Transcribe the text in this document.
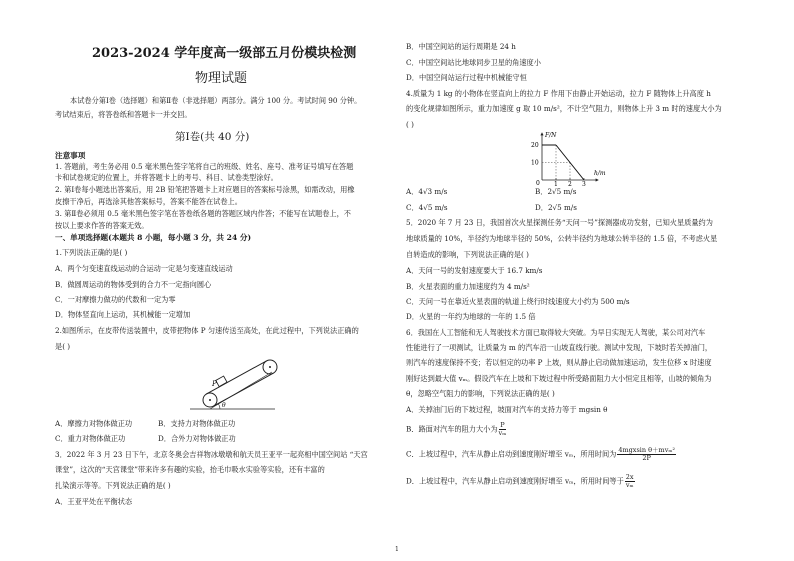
2023-2024 学年度高一级部五月份模块检测
物理试题
本试卷分第Ⅰ卷（选择题）和第Ⅱ卷（非选择题）两部分。满分 100 分。考试时间 90 分钟。
考试结束后，将答卷纸和答题卡一并交回。
第Ⅰ卷(共 40 分)
注意事项
1. 答题前，考生务必用 0.5 毫米黑色签字笔将自己的班级、姓名、座号、准考证号填写在答题
卡和试卷规定的位置上，并将答题卡上的考号、科目、试卷类型涂好。
2. 第Ⅰ卷每小题选出答案后，用 2B 铅笔把答题卡上对应题目的答案标号涂黑，如需改动，用橡
皮擦干净后，再选涂其他答案标号，答案不能答在试卷上。
3. 第Ⅱ卷必须用 0.5 毫米黑色签字笔在答卷纸各题的答题区域内作答；不能写在试题卷上，不
按以上要求作答的答案无效。
一、单项选择题(本题共 8 小题，每小题 3 分，共 24 分)
1.下列说法正确的是( )
A．两个匀变速直线运动的合运动一定是匀变速直线运动
B．做圆周运动的物体受到的合力不一定指向圆心
C．一对摩擦力做功的代数和一定为零
D．物体竖直向上运动，其机械能一定增加
2.如图所示，在皮带传送装置中，皮带把物体 P 匀速传送至高处，在此过程中，下列说法正确的
是( )
P
θ
A．摩擦力对物体做正功	B．支持力对物体做正功
C．重力对物体做正功	D．合外力对物体做正功
3．2022 年 3 月 23 日下午，北京冬奥会吉祥物冰墩墩和航天员王亚平一起亮相中国空间站 “天宫
课堂”，这次的“天宫课堂”带来许多有趣的实验，抬毛巾吸水实验等实验，还有丰富的
扎染演示等等。下列说法正确的是( )
A．王亚平处在平衡状态
B．中国空间站的运行周期是 24 h
C．中国空间站比地球同步卫星的角速度小
D．中国空间站运行过程中机械能守恒
4.质量为 1 kg 的小物体在竖直向上的拉力 F 作用下由静止开始运动，拉力 F 随物体上升高度 h
的变化规律如图所示，重力加速度 g 取 10 m/s²，不计空气阻力，则物体上升 3 m 时的速度大小为
( )
F/N
h/m
0
20
10
1 2 3
A．4√3 m/s	B．2√5 m/s
C．4√5 m/s	D．2√5 m/s
5．2020 年 7 月 23 日，我国首次火星探测任务“天问一号”探测器成功发射，已知火星质量约为
地球质量的 10%，半径约为地球半径的 50%，公转半径约为地球公转半径的 1.5 倍，不考虑火星
自转造成的影响，下列说法正确的是( )
A．天问一号的发射速度要大于 16.7 km/s
B．火星表面的重力加速度约为 4 m/s²
C．天问一号在靠近火星表面的轨道上绕行时线速度大小约为 500 m/s
D．火星的一年约为地球的一年的 1.5 倍
6．我国在人工智能和无人驾驶技术方面已取得较大突破。为早日实现无人驾驶，某公司对汽车
性能进行了一项测试，让质量为 m 的汽车沿一山坡直线行驶。测试中发现，下坡时若关掉油门，
则汽车的速度保持不变；若以恒定的功率 P 上坡，则从静止启动做加速运动，发生位移 x 时速度
刚好达到最大值 vₘ。假设汽车在上坡和下坡过程中所受路面阻力大小恒定且相等，山坡的倾角为
θ，忽略空气阻力的影响，下列说法正确的是( )
A．关掉油门后的下坡过程，坡面对汽车的支持力等于 mgsin θ
B．路面对汽车的阻力大小为 $\frac{P}{\text{vₘ}}$
C．上坡过程中，汽车从静止启动到速度刚好增至 vₘ，所用时间为 $\frac{\text{4mgxsin θ＋mvₘ²}}{2P}$
D．上坡过程中，汽车从静止启动到速度刚好增至 vₘ，所用时间等于 $\frac{2x}{\text{vₘ}}$
1
